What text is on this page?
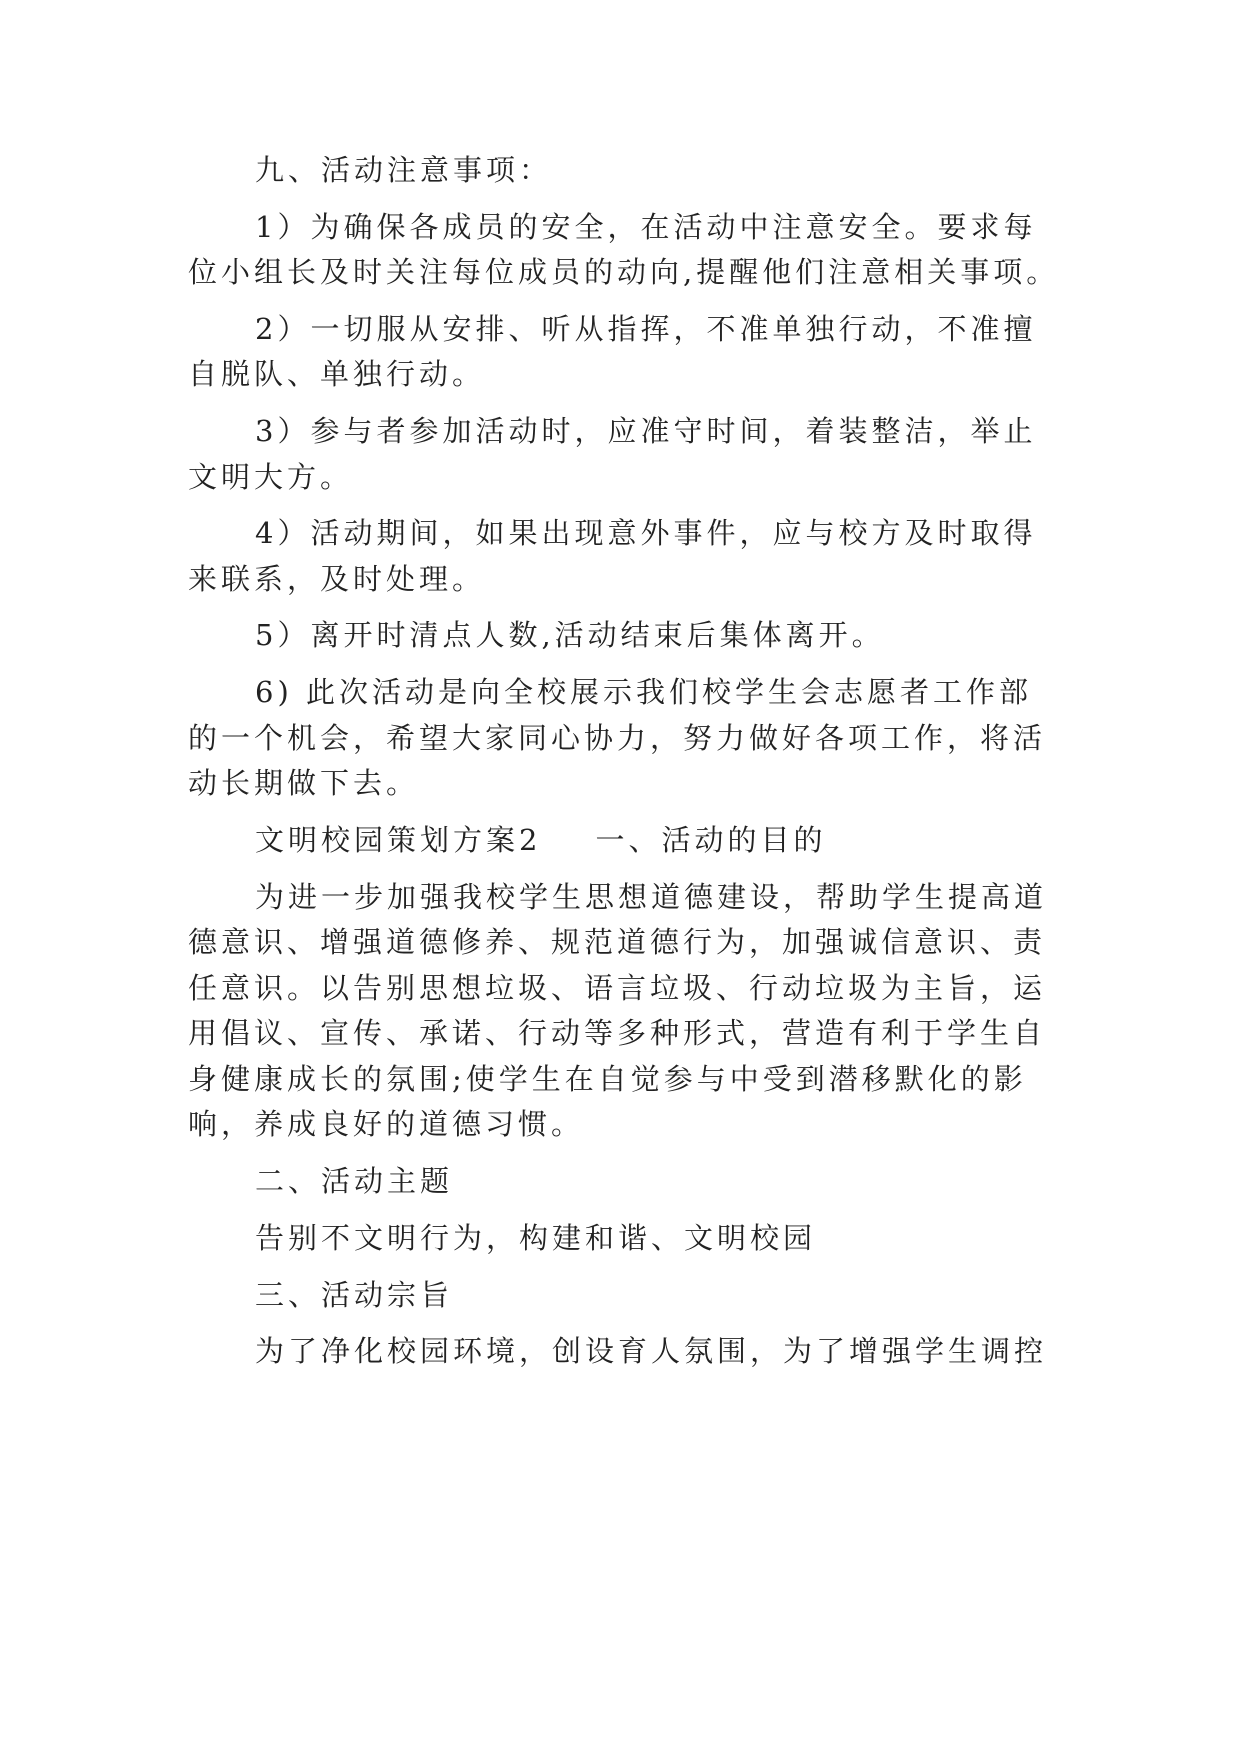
九、活动注意事项：
1）为确保各成员的安全，在活动中注意安全。要求每
位小组长及时关注每位成员的动向,提醒他们注意相关事项。
2）一切服从安排、听从指挥，不准单独行动，不准擅
自脱队、单独行动。
3）参与者参加活动时，应准守时间，着装整洁，举止
文明大方。
4）活动期间，如果出现意外事件，应与校方及时取得
来联系，及时处理。
5）离开时清点人数,活动结束后集体离开。
6) 此次活动是向全校展示我们校学生会志愿者工作部
的一个机会，希望大家同心协力，努力做好各项工作，将活
动长期做下去。
文明校园策划方案2 一、活动的目的
为进一步加强我校学生思想道德建设，帮助学生提高道
德意识、增强道德修养、规范道德行为，加强诚信意识、责
任意识。以告别思想垃圾、语言垃圾、行动垃圾为主旨，运
用倡议、宣传、承诺、行动等多种形式，营造有利于学生自
身健康成长的氛围;使学生在自觉参与中受到潜移默化的影
响，养成良好的道德习惯。
二、活动主题
告别不文明行为，构建和谐、文明校园
三、活动宗旨
为了净化校园环境，创设育人氛围，为了增强学生调控
